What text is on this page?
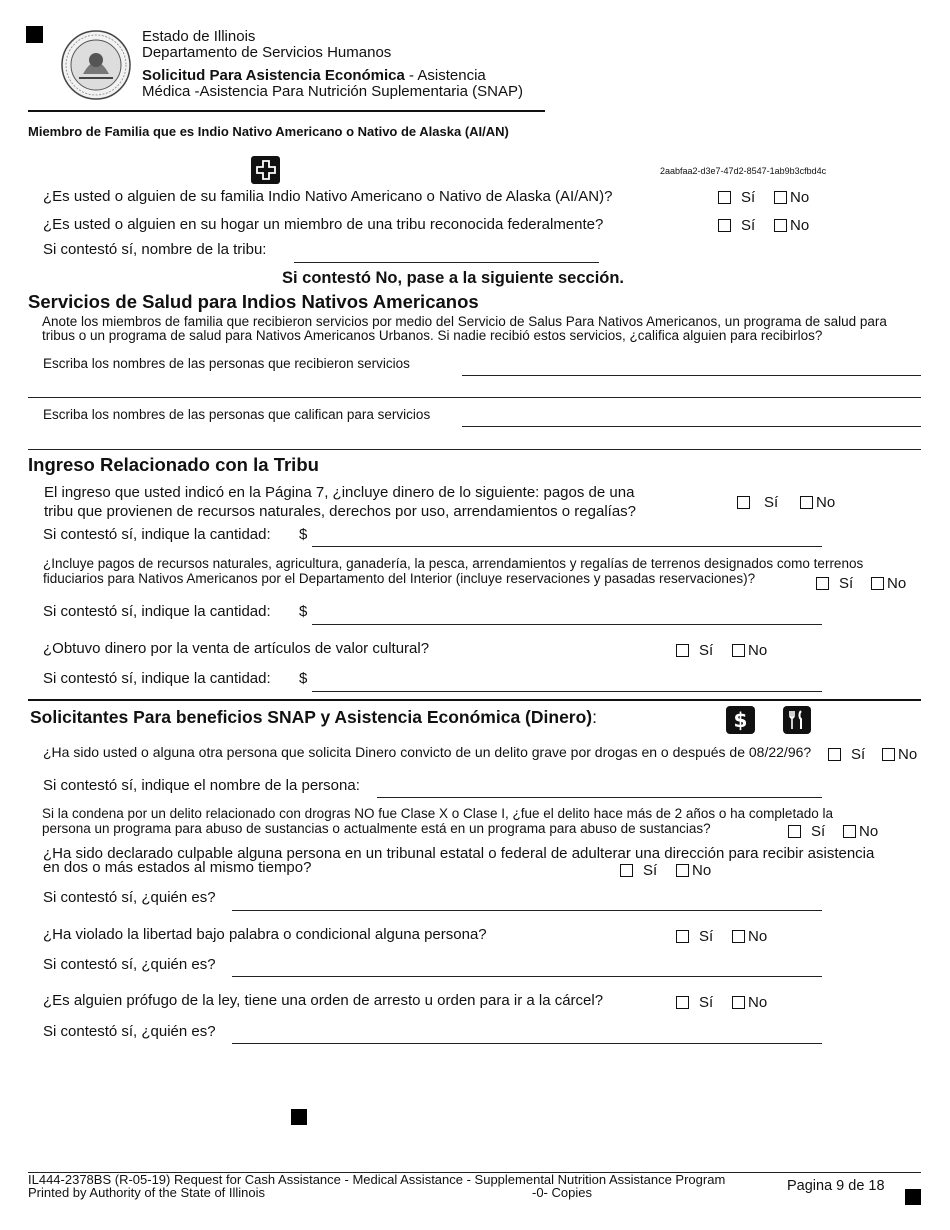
Estado de Illinois
Departamento de Servicios Humanos
Solicitud Para Asistencia Económica - Asistencia
Médica -Asistencia Para Nutrición Suplementaria (SNAP)
Miembro de Familia que es Indio Nativo Americano o Nativo de Alaska (AI/AN)
2aabfaa2-d3e7-47d2-8547-1ab9b3cfbd4c
¿Es usted o alguien de su familia Indio Nativo Americano o Nativo de Alaska (AI/AN)?	Sí No
¿Es usted o alguien en su hogar un miembro de una tribu reconocida federalmente?	Sí No
Si contestó sí, nombre de la tribu:
Si contestó No, pase a la siguiente sección.
Servicios de Salud para Indios Nativos Americanos
Anote los miembros de familia que recibieron servicios por medio del Servicio de Salus Para Nativos Americanos, un programa de salud para
tribus o un programa de salud para Nativos Americanos Urbanos. Si nadie recibió estos servicios, ¿califica alguien para recibirlos?
Escriba los nombres de las personas que recibieron servicios
Escriba los nombres de las personas que califican para servicios
Ingreso Relacionado con la Tribu
El ingreso que usted indicó en la Página 7, ¿incluye dinero de lo siguiente: pagos de una
tribu que provienen de recursos naturales, derechos por uso, arrendamientos o regalías?
Sí	No
Si contestó sí, indique la cantidad: $
¿Incluye pagos de recursos naturales, agricultura, ganadería, la pesca, arrendamientos y regalías de terrenos designados como terrenos
fiduciarios para Nativos Americanos por el Departamento del Interior (incluye reservaciones y pasadas reservaciones)?	Sí No
Si contestó sí, indique la cantidad: $
¿Obtuvo dinero por la venta de artículos de valor cultural?	Sí No
Si contestó sí, indique la cantidad: $
Solicitantes Para beneficios SNAP y Asistencia Económica (Dinero):	$
¿Ha sido usted o alguna otra persona que solicita Dinero convicto de un delito grave por drogas en o después de 08/22/96?	Sí No
Si contestó sí, indique el nombre de la persona:
Si la condena por un delito relacionado con drogras NO fue Clase X o Clase I, ¿fue el delito hace más de 2 años o ha completado la
persona un programa para abuso de sustancias o actualmente está en un programa para abuso de sustancias?	Sí No
¿Ha sido declarado culpable alguna persona en un tribunal estatal o federal de adulterar una dirección para recibir asistencia
en dos o más estados al mismo tiempo?	Sí No
Si contestó sí, ¿quién es?
¿Ha violado la libertad bajo palabra o condicional alguna persona?	Sí No
Si contestó sí, ¿quién es?
¿Es alguien prófugo de la ley, tiene una orden de arresto u orden para ir a la cárcel?	Sí No
Si contestó sí, ¿quién es?
IL444-2378BS (R-05-19) Request for Cash Assistance - Medical Assistance - Supplemental Nutrition Assistance Program
Printed by Authority of the State of Illinois	-0- Copies	Pagina 9 de 18
